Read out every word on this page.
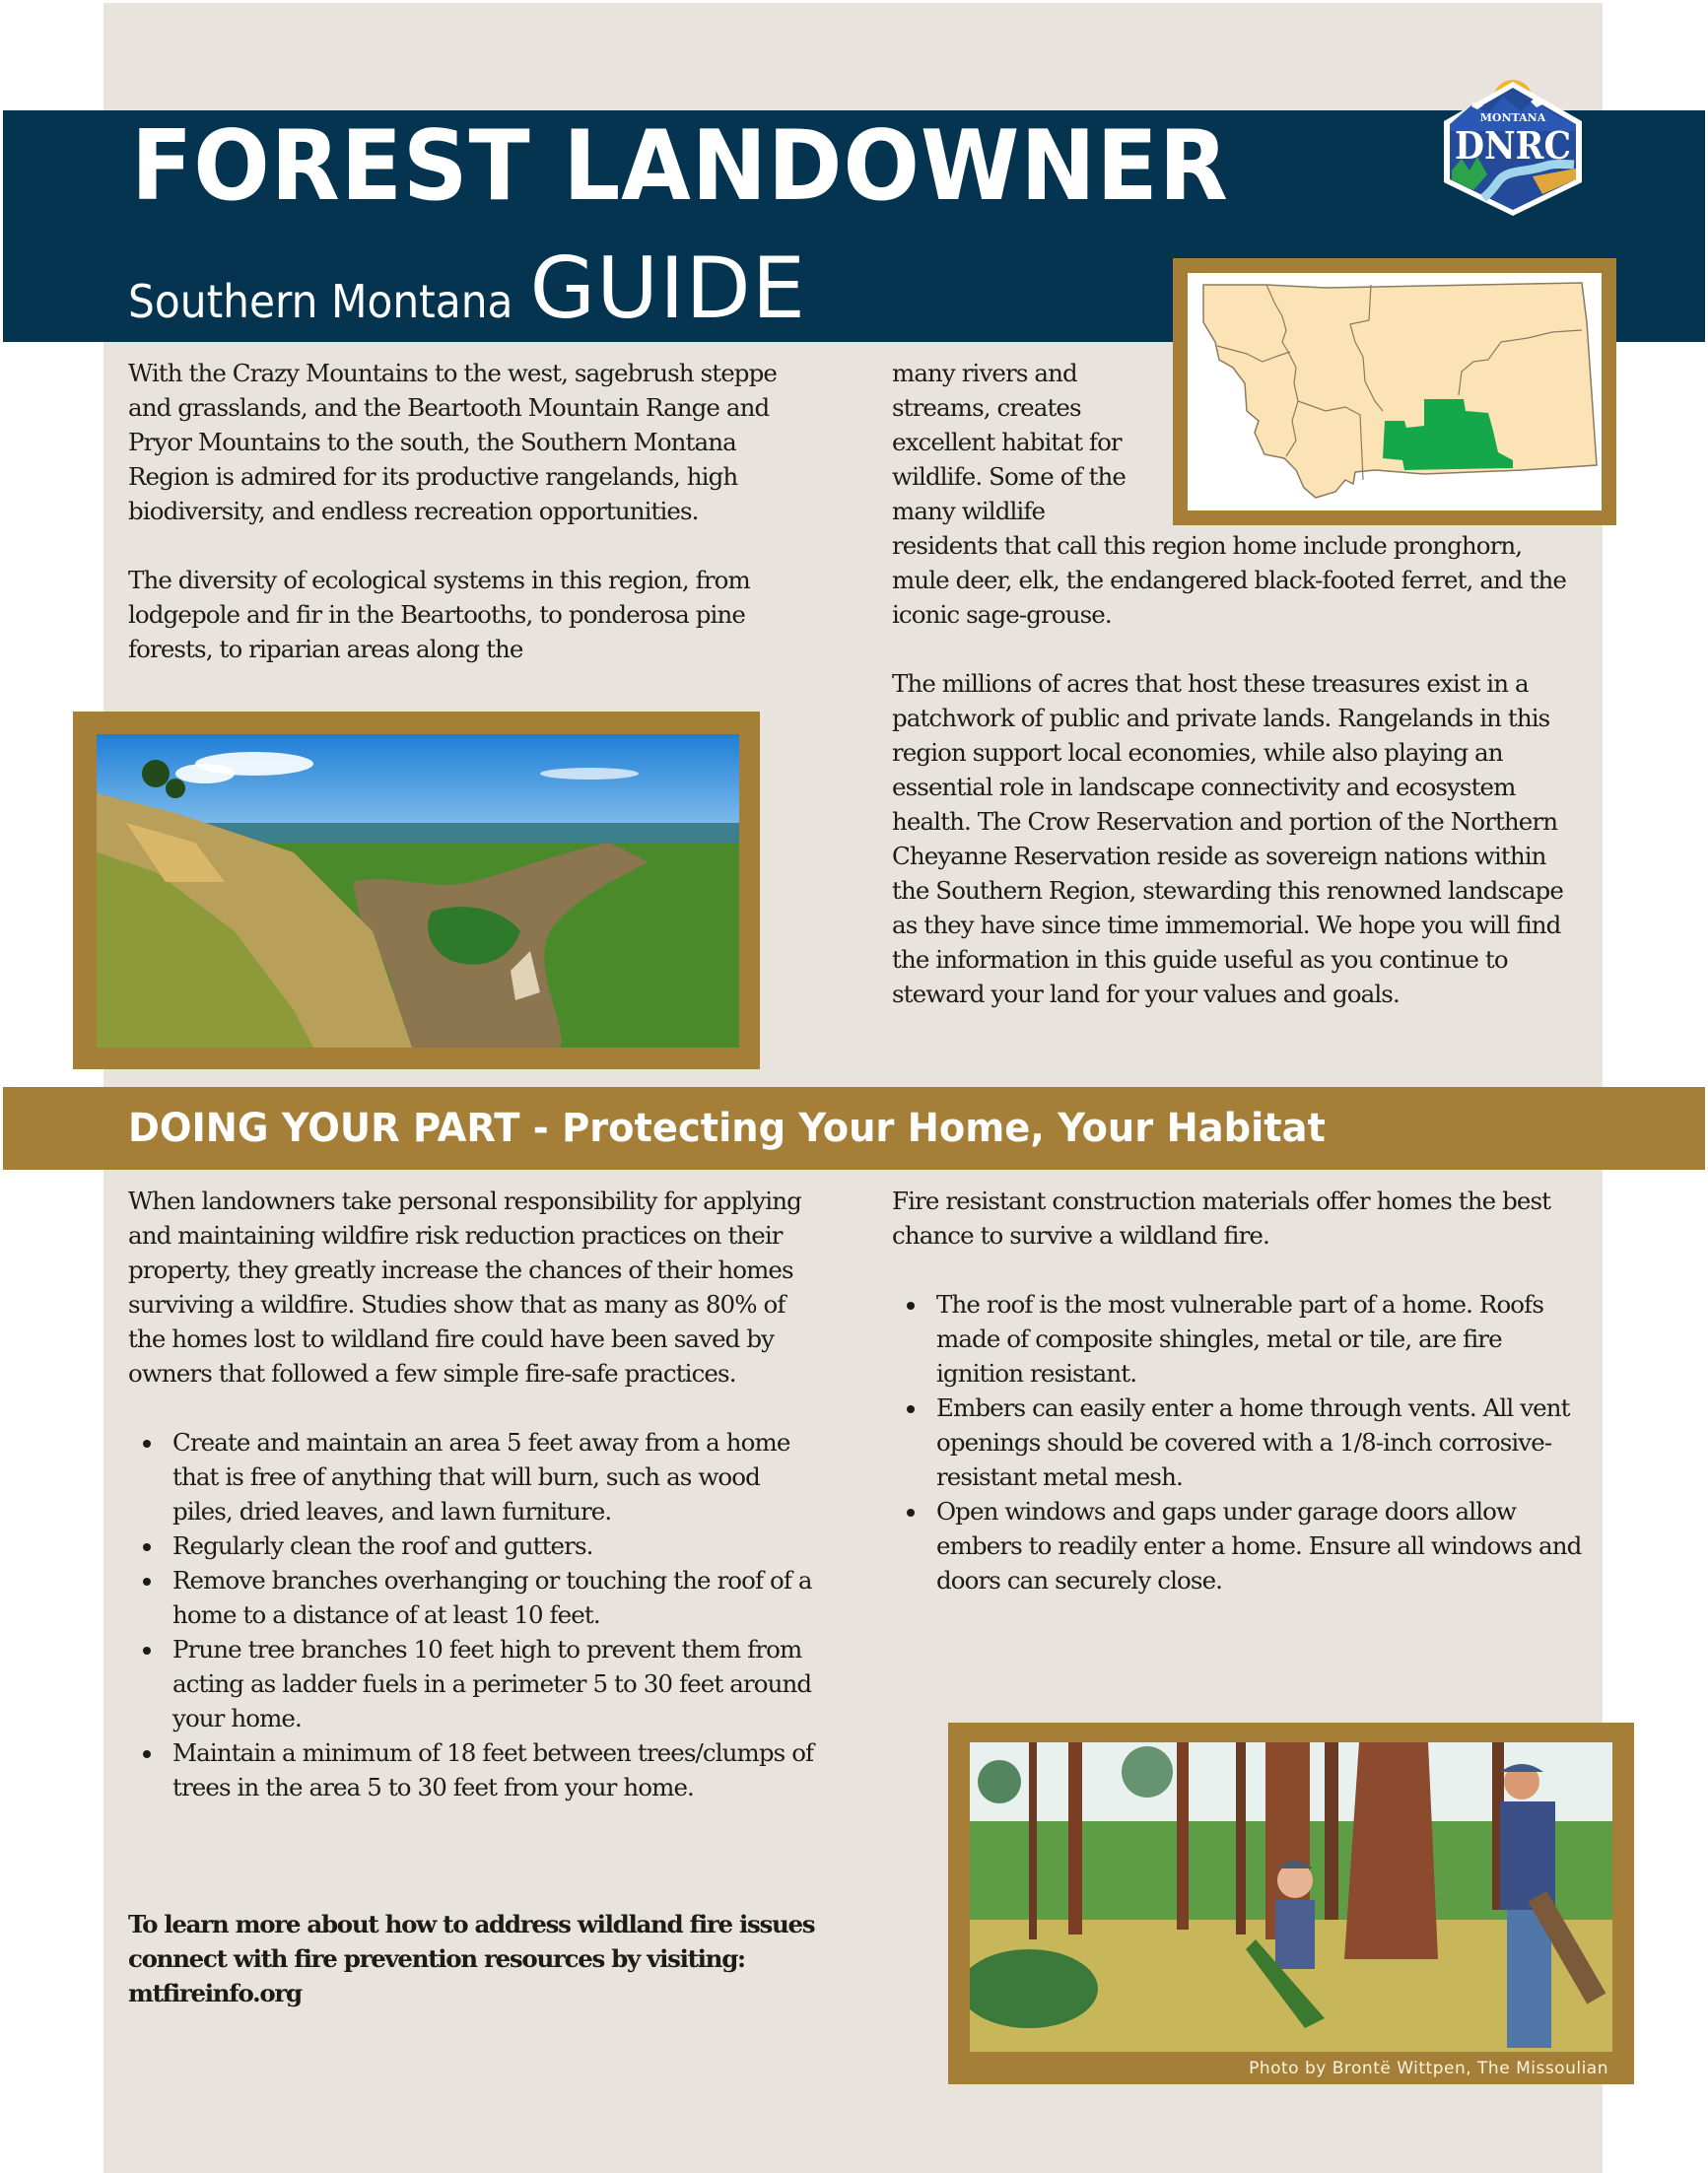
FOREST LANDOWNER
Southern Montana GUIDE
MONTANA
DNRC

With the Crazy Mountains to the west, sagebrush steppe and grasslands, and the Beartooth Mountain Range and Pryor Mountains to the south, the Southern Montana Region is admired for its productive rangelands, high biodiversity, and endless recreation opportunities.

The diversity of ecological systems in this region, from lodgepole and fir in the Beartooths, to ponderosa pine forests, to riparian areas along the

many rivers and
streams, creates
excellent habitat for
wildlife. Some of the
many wildlife

residents that call this region home include pronghorn, mule deer, elk, the endangered black-footed ferret, and the iconic sage-grouse.

The millions of acres that host these treasures exist in a patchwork of public and private lands. Rangelands in this region support local economies, while also playing an essential role in landscape connectivity and ecosystem health. The Crow Reservation and portion of the Northern Cheyanne Reservation reside as sovereign nations within the Southern Region, stewarding this renowned landscape as they have since time immemorial. We hope you will find the information in this guide useful as you continue to steward your land for your values and goals.

DOING YOUR PART - Protecting Your Home, Your Habitat

When landowners take personal responsibility for applying and maintaining wildfire risk reduction practices on their property, they greatly increase the chances of their homes surviving a wildfire. Studies show that as many as 80% of the homes lost to wildland fire could have been saved by owners that followed a few simple fire-safe practices.

Create and maintain an area 5 feet away from a home that is free of anything that will burn, such as wood piles, dried leaves, and lawn furniture.
Regularly clean the roof and gutters.
Remove branches overhanging or touching the roof of a home to a distance of at least 10 feet.
Prune tree branches 10 feet high to prevent them from acting as ladder fuels in a perimeter 5 to 30 feet around your home.
Maintain a minimum of 18 feet between trees/clumps of trees in the area 5 to 30 feet from your home.
To learn more about how to address wildland fire issues connect with fire prevention resources by visiting: mtfireinfo.org

Fire resistant construction materials offer homes the best chance to survive a wildland fire.

The roof is the most vulnerable part of a home. Roofs made of composite shingles, metal or tile, are fire ignition resistant.
Embers can easily enter a home through vents. All vent openings should be covered with a 1/8-inch corrosive-resistant metal mesh.
Open windows and gaps under garage doors allow embers to readily enter a home. Ensure all windows and doors can securely close.
Photo by Brontë Wittpen, The Missoulian
